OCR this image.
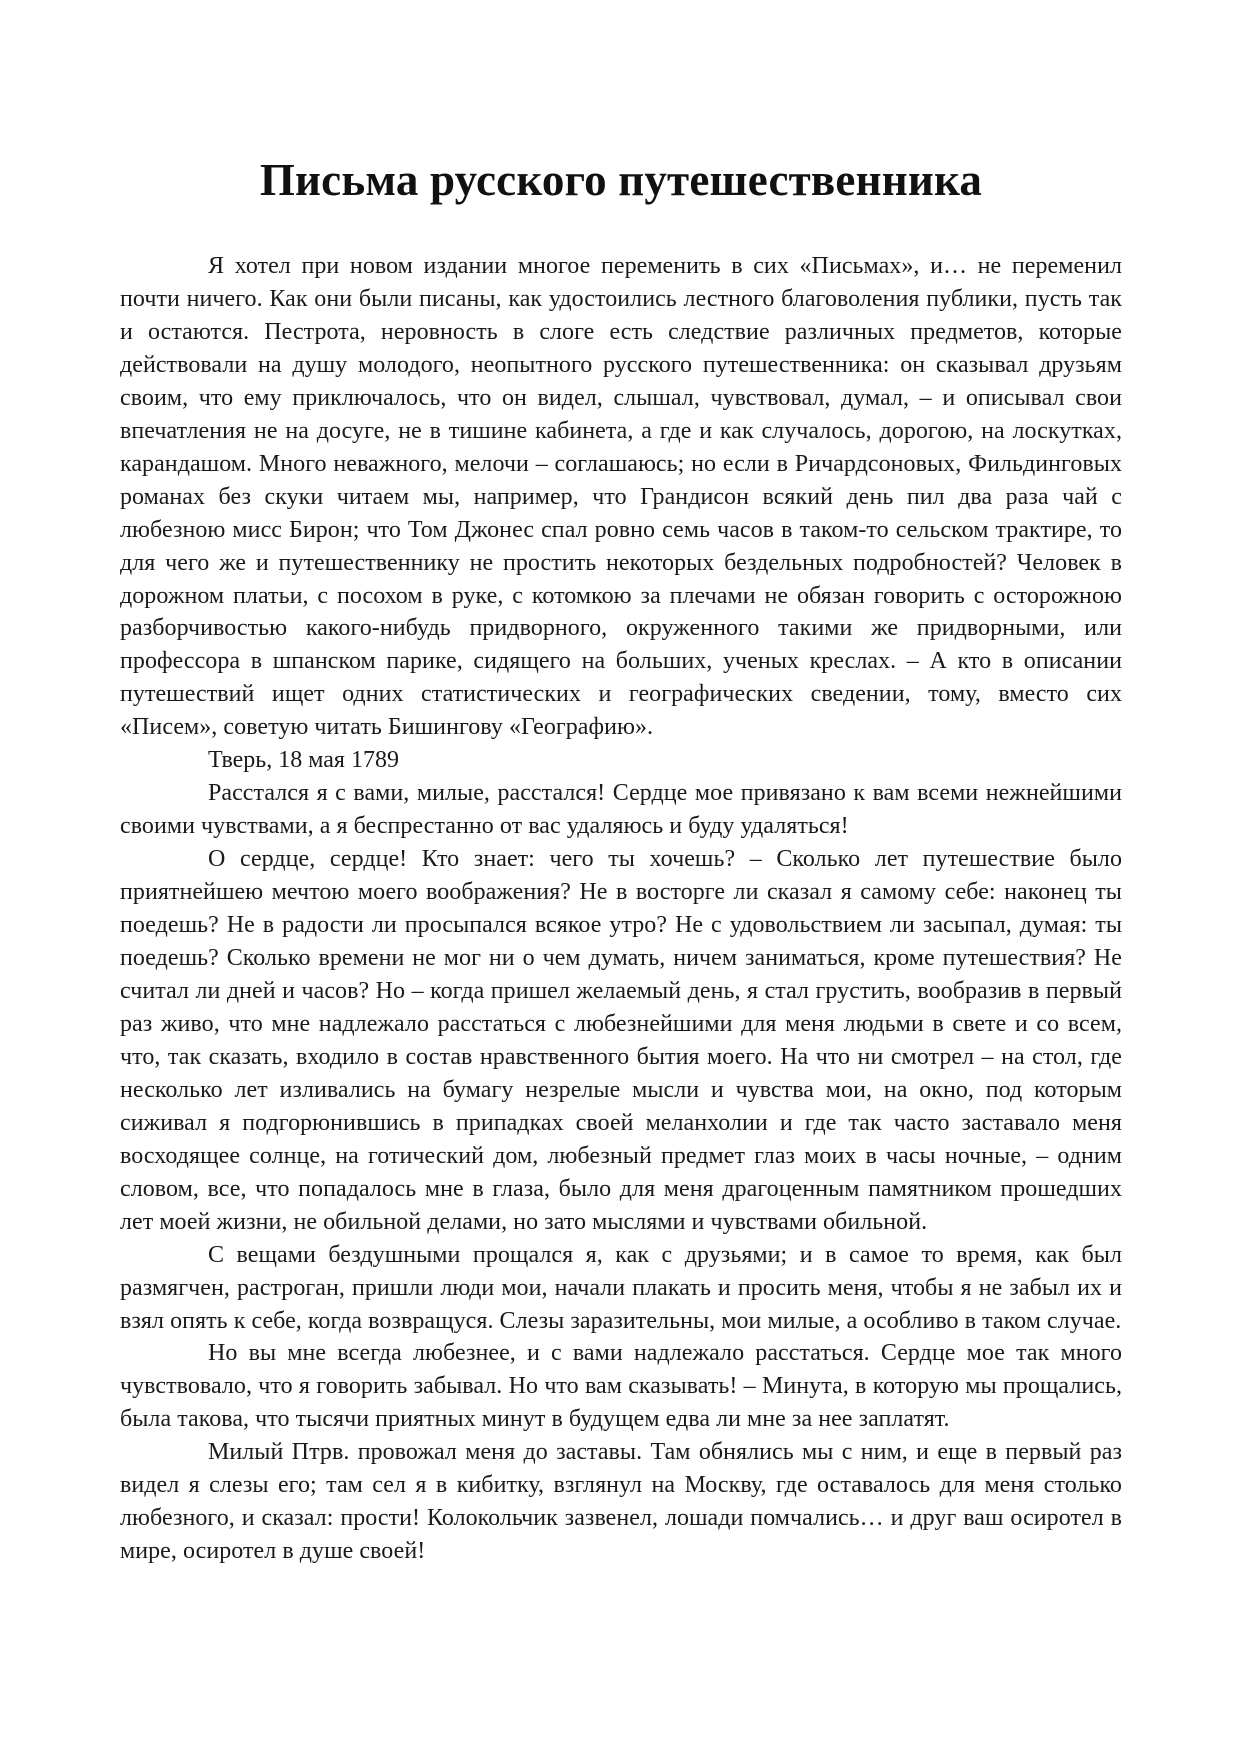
Письма русского путешественника

Я хотел при новом издании многое переменить в сих «Письмах», и… не переменил почти ничего. Как они были писаны, как удостоились лестного благоволения публики, пусть так и остаются. Пестрота, неровность в слоге есть следствие различных предметов, которые действовали на душу молодого, неопытного русского путешественника: он сказывал друзьям своим, что ему приключалось, что он видел, слышал, чувствовал, думал, – и описывал свои впечатления не на досуге, не в тишине кабинета, а где и как случалось, дорогою, на лоскутках, карандашом. Много неважного, мелочи – соглашаюсь; но если в Ричардсоновых, Фильдинговых романах без скуки читаем мы, например, что Грандисон всякий день пил два раза чай с любезною мисс Бирон; что Том Джонес спал ровно семь часов в таком-то сельском трактире, то для чего же и путешественнику не простить некоторых бездельных подробностей? Человек в дорожном платьи, с посохом в руке, с котомкою за плечами не обязан говорить с осторожною разборчивостью какого-нибудь придворного, окруженного такими же придворными, или профессора в шпанском парике, сидящего на больших, ученых креслах. – А кто в описании путешествий ищет одних статистических и географических сведении, тому, вместо сих «Писем», советую читать Бишингову «Географию».

Тверь, 18 мая 1789

Расстался я с вами, милые, расстался! Сердце мое привязано к вам всеми нежнейшими своими чувствами, а я беспрестанно от вас удаляюсь и буду удаляться!

О сердце, сердце! Кто знает: чего ты хочешь? – Сколько лет путешествие было приятнейшею мечтою моего воображения? Не в восторге ли сказал я самому себе: наконец ты поедешь? Не в радости ли просыпался всякое утро? Не с удовольствием ли засыпал, думая: ты поедешь? Сколько времени не мог ни о чем думать, ничем заниматься, кроме путешествия? Не считал ли дней и часов? Но – когда пришел желаемый день, я стал грустить, вообразив в первый раз живо, что мне надлежало расстаться с любезнейшими для меня людьми в свете и со всем, что, так сказать, входило в состав нравственного бытия моего. На что ни смотрел – на стол, где несколько лет изливались на бумагу незрелые мысли и чувства мои, на окно, под которым сиживал я подгорюнившись в припадках своей меланхолии и где так часто заставало меня восходящее солнце, на готический дом, любезный предмет глаз моих в часы ночные, – одним словом, все, что попадалось мне в глаза, было для меня драгоценным памятником прошедших лет моей жизни, не обильной делами, но зато мыслями и чувствами обильной.

С вещами бездушными прощался я, как с друзьями; и в самое то время, как был размягчен, растроган, пришли люди мои, начали плакать и просить меня, чтобы я не забыл их и взял опять к себе, когда возвращуся. Слезы заразительны, мои милые, а особливо в таком случае.

Но вы мне всегда любезнее, и с вами надлежало расстаться. Сердце мое так много чувствовало, что я говорить забывал. Но что вам сказывать! – Минута, в которую мы прощались, была такова, что тысячи приятных минут в будущем едва ли мне за нее заплатят.

Милый Птрв. провожал меня до заставы. Там обнялись мы с ним, и еще в первый раз видел я слезы его; там сел я в кибитку, взглянул на Москву, где оставалось для меня столько любезного, и сказал: прости! Колокольчик зазвенел, лошади помчались… и друг ваш осиротел в мире, осиротел в душе своей!
